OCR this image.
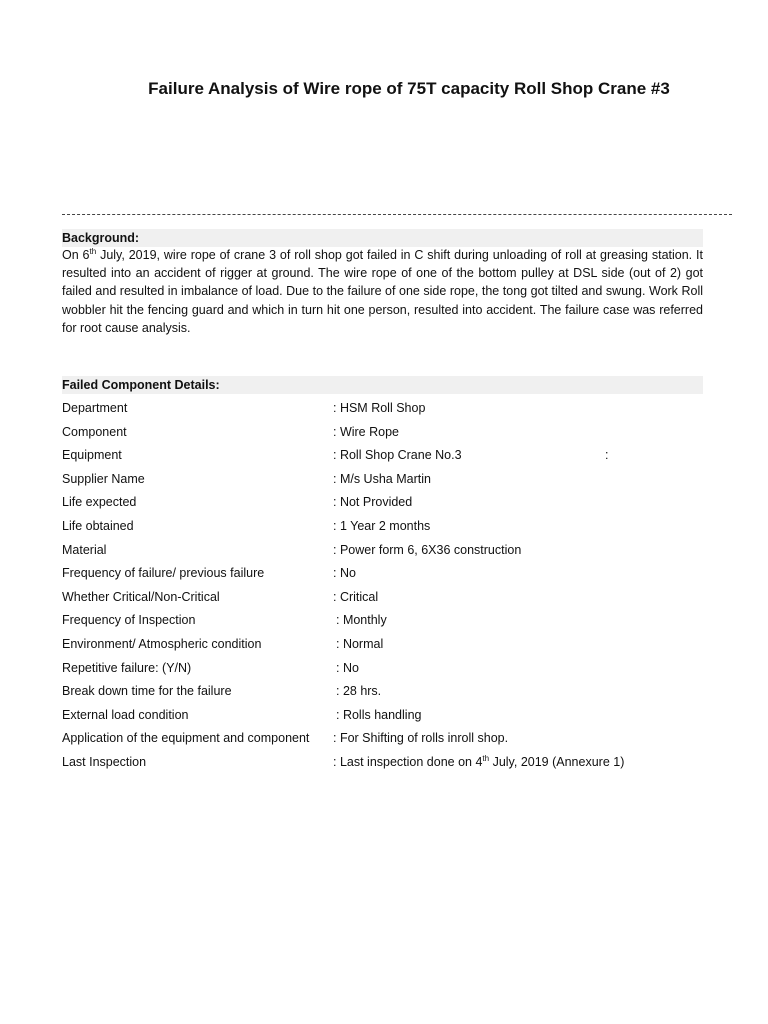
Failure Analysis of Wire rope of 75T capacity Roll Shop Crane #3
Background:

On 6th July, 2019, wire rope of crane 3 of roll shop got failed in C shift during unloading of roll at greasing station. It resulted into an accident of rigger at ground. The wire rope of one of the bottom pulley at DSL side (out of 2) got failed and resulted in imbalance of load. Due to the failure of one side rope, the tong got tilted and swung. Work Roll wobbler hit the fencing guard and which in turn hit one person, resulted into accident. The failure case was referred for root cause analysis.

Failed Component Details:
Department	: HSM Roll Shop
Component	: Wire Rope
Equipment	: Roll Shop Crane No.3	:
Supplier Name	: M/s Usha Martin
Life expected	: Not Provided
Life obtained	: 1 Year 2 months
Material	: Power form 6, 6X36 construction
Frequency of failure/ previous failure	: No
Whether Critical/Non-Critical	: Critical
Frequency of Inspection	: Monthly
Environment/ Atmospheric condition	: Normal
Repetitive failure: (Y/N)	: No
Break down time for the failure	: 28 hrs.
External load condition	: Rolls handling
Application of the equipment and component : For Shifting of rolls inroll shop.
Last Inspection	: Last inspection done on 4th July, 2019 (Annexure 1)
